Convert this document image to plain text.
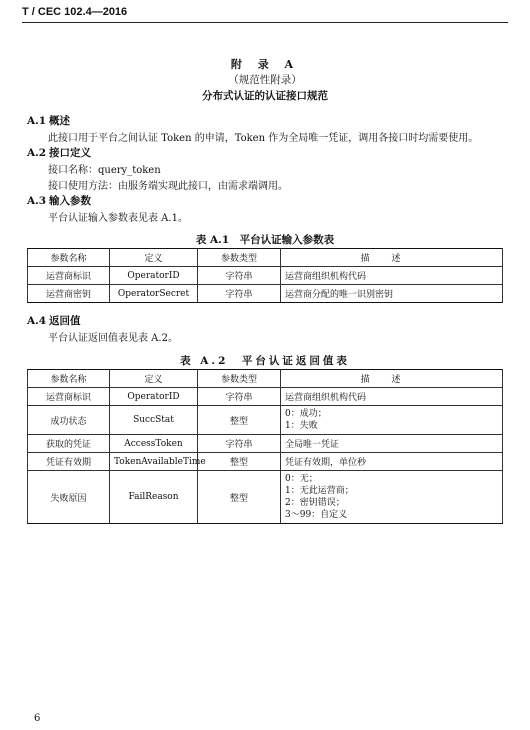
T / CEC 102.4—2016
附 录 A
（规范性附录）
分布式认证的认证接口规范
A.1 概述
此接口用于平台之间认证 Token 的申请，Token 作为全局唯一凭证，调用各接口时均需要使用。
A.2 接口定义
接口名称：query_token
接口使用方法：由服务端实现此接口，由需求端调用。
A.3 输入参数
平台认证输入参数表见表 A.1。
表 A.1　平台认证输入参数表
参数名称	定义	参数类型	描述
运营商标识	OperatorID	字符串	运营商组织机构代码
运营商密钥	OperatorSecret	字符串	运营商分配的唯一识别密钥
A.4 返回值
平台认证返回值表见表 A.2。
表 A.2　平台认证返回值表
参数名称	定义	参数类型	描述
运营商标识	OperatorID	字符串	运营商组织机构代码
成功状态	SuccStat	整型	0：成功；
1：失败

获取的凭证	AccessToken	字符串	全局唯一凭证
凭证有效期	TokenAvailableTime	整型	凭证有效期，单位秒
失败原因	FailReason	整型	0：无；
1：无此运营商；
2：密钥错误；
3～99：自定义
6
